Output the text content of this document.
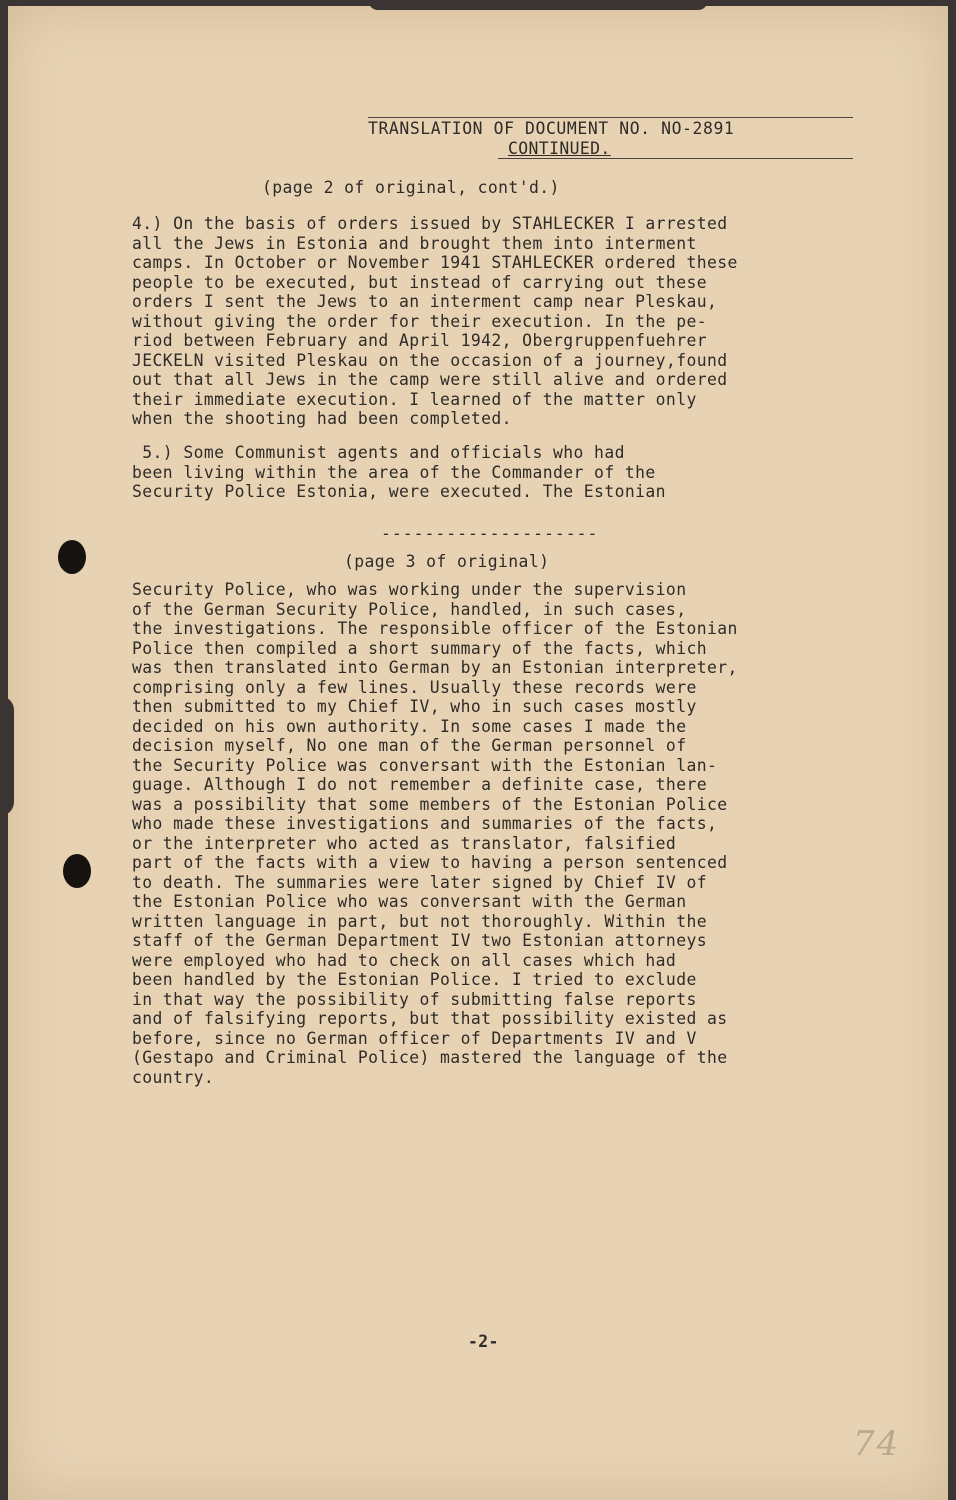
TRANSLATION OF DOCUMENT NO. NO-2891
CONTINUED.
(page 2 of original, cont'd.)
4.) On the basis of orders issued by STAHLECKER I arrested
all the Jews in Estonia and brought them into interment
camps. In October or November 1941 STAHLECKER ordered these
people to be executed, but instead of carrying out these
orders I sent the Jews to an interment camp near Pleskau,
without giving the order for their execution. In the pe-
riod between February and April 1942, Obergruppenfuehrer
JECKELN visited Pleskau on the occasion of a journey,found
out that all Jews in the camp were still alive and ordered
their immediate execution. I learned of the matter only
when the shooting had been completed.
5.) Some Communist agents and officials who had
been living within the area of the Commander of the
Security Police Estonia, were executed. The Estonian
--------------------
(page 3 of original)
Security Police, who was working under the supervision
of the German Security Police, handled, in such cases,
the investigations. The responsible officer of the Estonian
Police then compiled a short summary of the facts, which
was then translated into German by an Estonian interpreter,
comprising only a few lines. Usually these records were
then submitted to my Chief IV, who in such cases mostly
decided on his own authority. In some cases I made the
decision myself, No one man of the German personnel of
the Security Police was conversant with the Estonian lan-
guage. Although I do not remember a definite case, there
was a possibility that some members of the Estonian Police
who made these investigations and summaries of the facts,
or the interpreter who acted as translator, falsified
part of the facts with a view to having a person sentenced
to death. The summaries were later signed by Chief IV of
the Estonian Police who was conversant with the German
written language in part, but not thoroughly. Within the
staff of the German Department IV two Estonian attorneys
were employed who had to check on all cases which had
been handled by the Estonian Police. I tried to exclude
in that way the possibility of submitting false reports
and of falsifying reports, but that possibility existed as
before, since no German officer of Departments IV and V
(Gestapo and Criminal Police) mastered the language of the
country.
-2-
74
